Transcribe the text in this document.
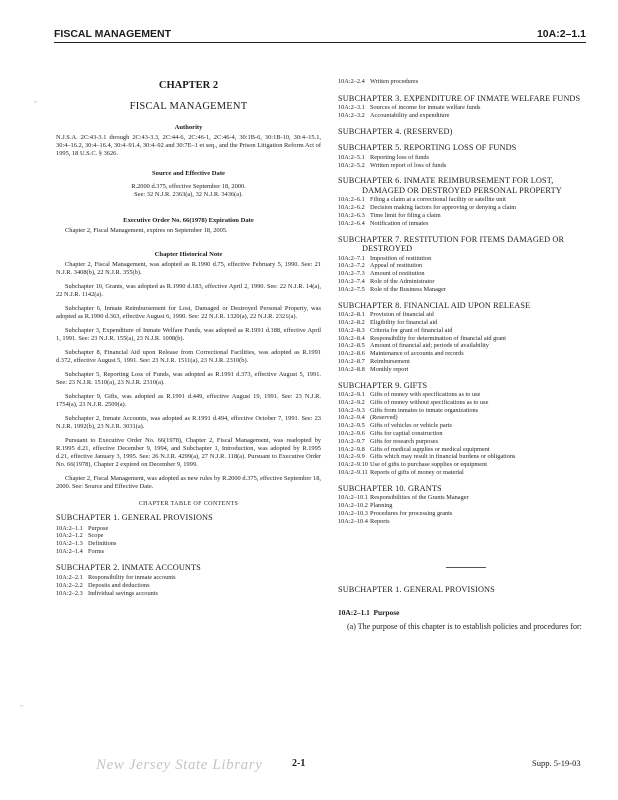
FISCAL MANAGEMENT	10A:2–1.1

CHAPTER 2

FISCAL MANAGEMENT

Authority

N.J.S.A. 2C:43-3.1 through 2C:43-3.3, 2C:44-6, 2C:46-1, 2C:46-4, 30:1B-6, 30:1B-10, 30:4–15.1, 30:4–16.2, 30:4–16.4, 30:4–91.4, 30:4–92 and 30:7E–1 et seq., and the Prison Litigation Reform Act of 1995, 18 U.S.C. § 3626.

Source and Effective Date

R.2000 d.375, effective September 18, 2000.

See: 32 N.J.R. 2363(a), 32 N.J.R. 3436(a).

Executive Order No. 66(1978) Expiration Date

Chapter 2, Fiscal Management, expires on September 18, 2005.

Chapter Historical Note

Chapter 2, Fiscal Management, was adopted as R.1990 d.75, effective February 5, 1990. See: 21 N.J.R. 3408(b), 22 N.J.R. 355(b).

Subchapter 10, Grants, was adopted as R.1990 d.183, effective April 2, 1990. See: 22 N.J.R. 14(a), 22 N.J.R. 1142(a).

Subchapter 6, Inmate Reimbursement for Lost, Damaged or Destroyed Personal Property, was adopted as R.1990 d.363, effective August 6, 1990. See: 22 N.J.R. 1320(a), 22 N.J.R. 2321(a).

Subchapter 3, Expenditure of Inmate Welfare Funds, was adopted as R.1991 d.188, effective April 1, 1991. See: 23 N.J.R. 155(a), 23 N.J.R. 1008(b).

Subchapter 8, Financial Aid upon Release from Correctional Facilities, was adopted as R.1991 d.372, effective August 5, 1991. See: 23 N.J.R. 1511(a), 23 N.J.R. 2310(b).

Subchapter 5, Reporting Loss of Funds, was adopted as R.1991 d.373, effective August 5, 1991. See: 23 N.J.R. 1510(a), 23 N.J.R. 2310(a).

Subchapter 9, Gifts, was adopted as R.1991 d.449, effective August 19, 1991. See: 23 N.J.R. 1754(a), 23 N.J.R. 2509(a).

Subchapter 2, Inmate Accounts, was adopted as R.1991 d.494, effective October 7, 1991. See: 23 N.J.R. 1992(b), 23 N.J.R. 3031(a).

Pursuant to Executive Order No. 66(1978), Chapter 2, Fiscal Management, was readopted by R.1995 d.21, effective December 9, 1994, and Subchapter 1, Introduction, was adopted by R.1995 d.21, effective January 3, 1995. See: 26 N.J.R. 4299(a), 27 N.J.R. 118(a). Pursuant to Executive Order No. 66(1978), Chapter 2 expired on December 9, 1999.

Chapter 2, Fiscal Management, was adopted as new rules by R.2000 d.375, effective September 18, 2000. See: Source and Effective Date.

CHAPTER TABLE OF CONTENTS

SUBCHAPTER 1. GENERAL PROVISIONS

10A:2–1.1 Purpose
10A:2–1.2 Scope
10A:2–1.3 Definitions
10A:2–1.4 Forms

SUBCHAPTER 2. INMATE ACCOUNTS

10A:2–2.1 Responsibility for inmate accounts
10A:2–2.2 Deposits and deductions
10A:2–2.3 Individual savings accounts
10A:2–2.4 Written procedures

SUBCHAPTER 3. EXPENDITURE OF INMATE WELFARE FUNDS

10A:2–3.1 Sources of income for inmate welfare funds
10A:2–3.2 Accountability and expenditure

SUBCHAPTER 4. (RESERVED)

SUBCHAPTER 5. REPORTING LOSS OF FUNDS

10A:2–5.1 Reporting loss of funds
10A:2–5.2 Written report of loss of funds

SUBCHAPTER 6. INMATE REIMBURSEMENT FOR LOST, DAMAGED OR DESTROYED PERSONAL PROPERTY

10A:2–6.1 Filing a claim at a correctional facility or satellite unit
10A:2–6.2 Decision making factors for approving or denying a claim
10A:2–6.3 Time limit for filing a claim
10A:2–6.4 Notification of inmates

SUBCHAPTER 7. RESTITUTION FOR ITEMS DAMAGED OR DESTROYED

10A:2–7.1 Imposition of restitution
10A:2–7.2 Appeal of restitution
10A:2–7.3 Amount of restitution
10A:2–7.4 Role of the Administrator
10A:2–7.5 Role of the Business Manager

SUBCHAPTER 8. FINANCIAL AID UPON RELEASE

10A:2–8.1 Provision of financial aid
10A:2–8.2 Eligibility for financial aid
10A:2–8.3 Criteria for grant of financial aid
10A:2–8.4 Responsibility for determination of financial aid grant
10A:2–8.5 Amount of financial aid; periods of availability
10A:2–8.6 Maintenance of accounts and records
10A:2–8.7 Reimbursement
10A:2–8.8 Monthly report

SUBCHAPTER 9. GIFTS

10A:2–9.1 Gifts of money with specifications as to use
10A:2–9.2 Gifts of money without specifications as to use
10A:2–9.3 Gifts from inmates to inmate organizations
10A:2–9.4 (Reserved)
10A:2–9.5 Gifts of vehicles or vehicle parts
10A:2–9.6 Gifts for capital construction
10A:2–9.7 Gifts for research purposes
10A:2–9.8 Gifts of medical supplies or medical equipment
10A:2–9.9 Gifts which may result in financial burdens or obligations
10A:2–9.10 Use of gifts to purchase supplies or equipment
10A:2–9.11 Reports of gifts of money or material

SUBCHAPTER 10. GRANTS

10A:2–10.1 Responsibilities of the Grants Manager
10A:2–10.2 Planning
10A:2–10.3 Procedures for processing grants
10A:2–10.4 Reports
SUBCHAPTER 1. GENERAL PROVISIONS
10A:2–1.1 Purpose

(a) The purpose of this chapter is to establish policies and procedures for:

-
-
New Jersey State Library	2-1	Supp. 5-19-03
